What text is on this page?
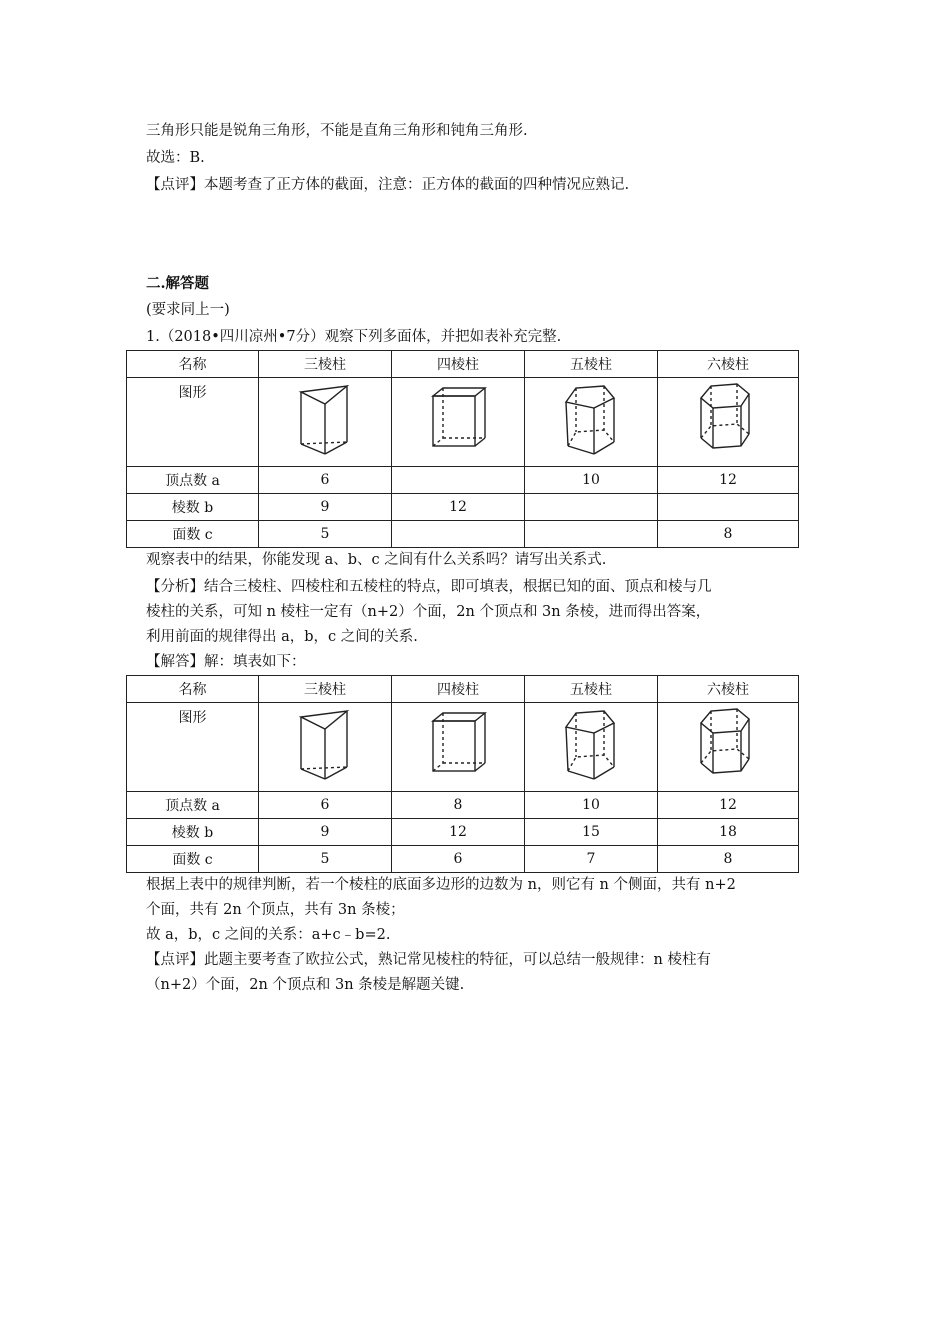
三角形只能是锐角三角形，不能是直角三角形和钝角三角形.
故选：B.
【点评】本题考查了正方体的截面，注意：正方体的截面的四种情况应熟记.
二.解答题
(要求同上一)
1.（2018•四川凉州•7分）观察下列多面体，并把如表补充完整.
名称	三棱柱	四棱柱	五棱柱	六棱柱
图形	

顶点数 a	6		10	12
棱数 b	9	12		
面数 c	5			8
观察表中的结果，你能发现 a、b、c 之间有什么关系吗？请写出关系式.
【分析】结合三棱柱、四棱柱和五棱柱的特点，即可填表，根据已知的面、顶点和棱与几
棱柱的关系，可知 n 棱柱一定有（n+2）个面，2n 个顶点和 3n 条棱，进而得出答案，
利用前面的规律得出 a，b，c 之间的关系.
【解答】解：填表如下：
名称	三棱柱	四棱柱	五棱柱	六棱柱
图形	

顶点数 a	6	8	10	12
棱数 b	9	12	15	18
面数 c	5	6	7	8
根据上表中的规律判断，若一个棱柱的底面多边形的边数为 n，则它有 n 个侧面，共有 n+2
个面，共有 2n 个顶点，共有 3n 条棱；
故 a，b，c 之间的关系：a+c﹣b=2.
【点评】此题主要考查了欧拉公式，熟记常见棱柱的特征，可以总结一般规律：n 棱柱有
（n+2）个面，2n 个顶点和 3n 条棱是解题关键.
